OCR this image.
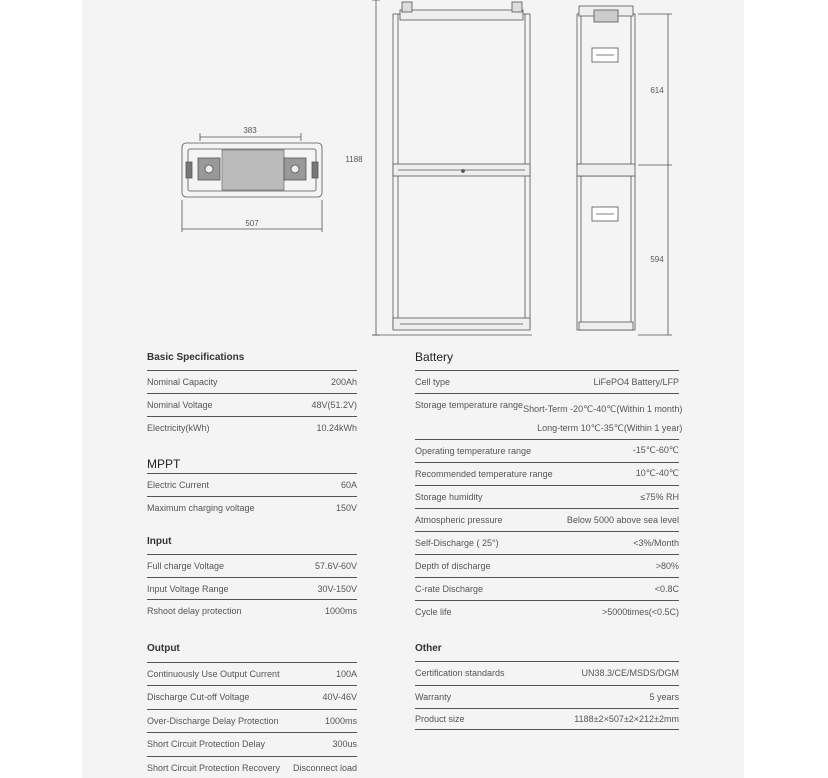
383
507
1188
614
594
Basic Specifications
Nominal Capacity	200Ah
Nominal Voltage	48V(51.2V)
Electricity(kWh)	10.24kWh
MPPT
Electric Current	60A
Maximum charging voltage	150V
Input
Full charge Voltage	57.6V-60V
Input Voltage Range	30V-150V
Rshoot delay protection	1000ms
Output
Continuously Use Output Current	100A
Discharge Cut-off Voltage	40V-46V
Over-Discharge Delay Protection	1000ms
Short Circuit Protection Delay	300us
Short Circuit Protection Recovery Disconnect load
Battery
Cell type	LiFePO4 Battery/LFP
Storage temperature range Short-Term -20℃-40℃(Within 1 month)
Long-term 10℃-35℃(Within 1 year)
Operating temperature range	-15℃-60℃
Recommended temperature range	10℃-40℃
Storage humidity	≤75% RH
Atmospheric pressure	Below 5000 above sea level
Self-Discharge ( 25°)	<3%/Month
Depth of discharge	>80%
C-rate Discharge	<0.8C
Cycle life	>5000times(<0.5C)
Other
Certification standards	UN38.3/CE/MSDS/DGM
Warranty	5 years
Product size	1188±2×507±2×212±2mm
